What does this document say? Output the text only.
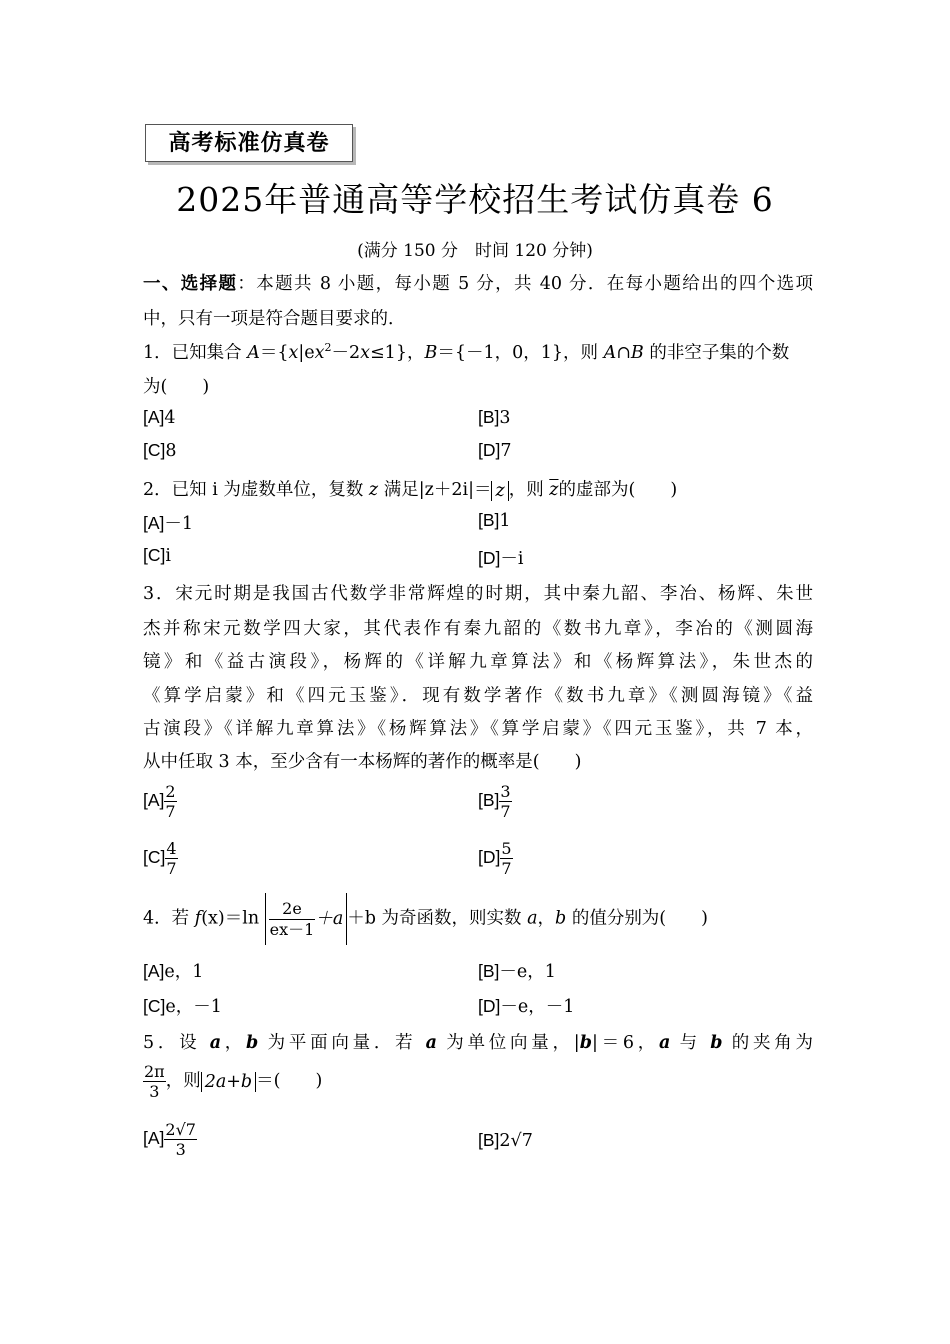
高考标准仿真卷
2025年普通高等学校招生考试仿真卷 6
(满分 150 分　时间 120 分钟)
一、选择题：本题共 8 小题，每小题 5 分，共 40 分．在每小题给出的四个选项
中，只有一项是符合题目要求的．
1．已知集合 $A=\{x|ex^2-2x\le 1\}$，B＝{－1，0，1}，则 A∩B 的非空子集的个数
为(　　)
[A]4	[B]3
[C]8	[D]7
2．已知 i 为虚数单位，复数 z 满足|z＋2i|＝ z ，则 $\overline{z}$的虚部为(　　)
[A]－1	[B]1
[C]i	[D]－i
3．宋元时期是我国古代数学非常辉煌的时期，其中秦九韶、李冶、杨辉、朱世
杰并称宋元数学四大家，其代表作有秦九韶的《数书九章》，李冶的《测圆海
镜》和《益古演段》，杨辉的《详解九章算法》和《杨辉算法》，朱世杰的
《算学启蒙》和《四元玉鉴》．现有数学著作《数书九章》《测圆海镜》《益
古演段》《详解九章算法》《杨辉算法》《算学启蒙》《四元玉鉴》，共 7 本，
从中任取 3 本，至少含有一本杨辉的著作的概率是(　　)
$[A] \frac{2}{7}$	$[B] \frac{3}{7}$
$[C] \frac{4}{7}$	$[D] \frac{5}{7}$
4．若 $f(x)=\ln \frac{2e}{ex-1} +a +b$ 为奇函数，则实数 a，b 的值分别为(　　)
[A]e，1	[B]－e，1
[C]e，－1	[D]－e，－1
5．设 a，b 为平面向量．若 a 为单位向量，|b|＝6，a 与 b 的夹角为
$\frac{2\pi}{3}$ ，则 2a+b ＝(　　)
$[A] \frac{2√7}{3}$	[B]2√7
